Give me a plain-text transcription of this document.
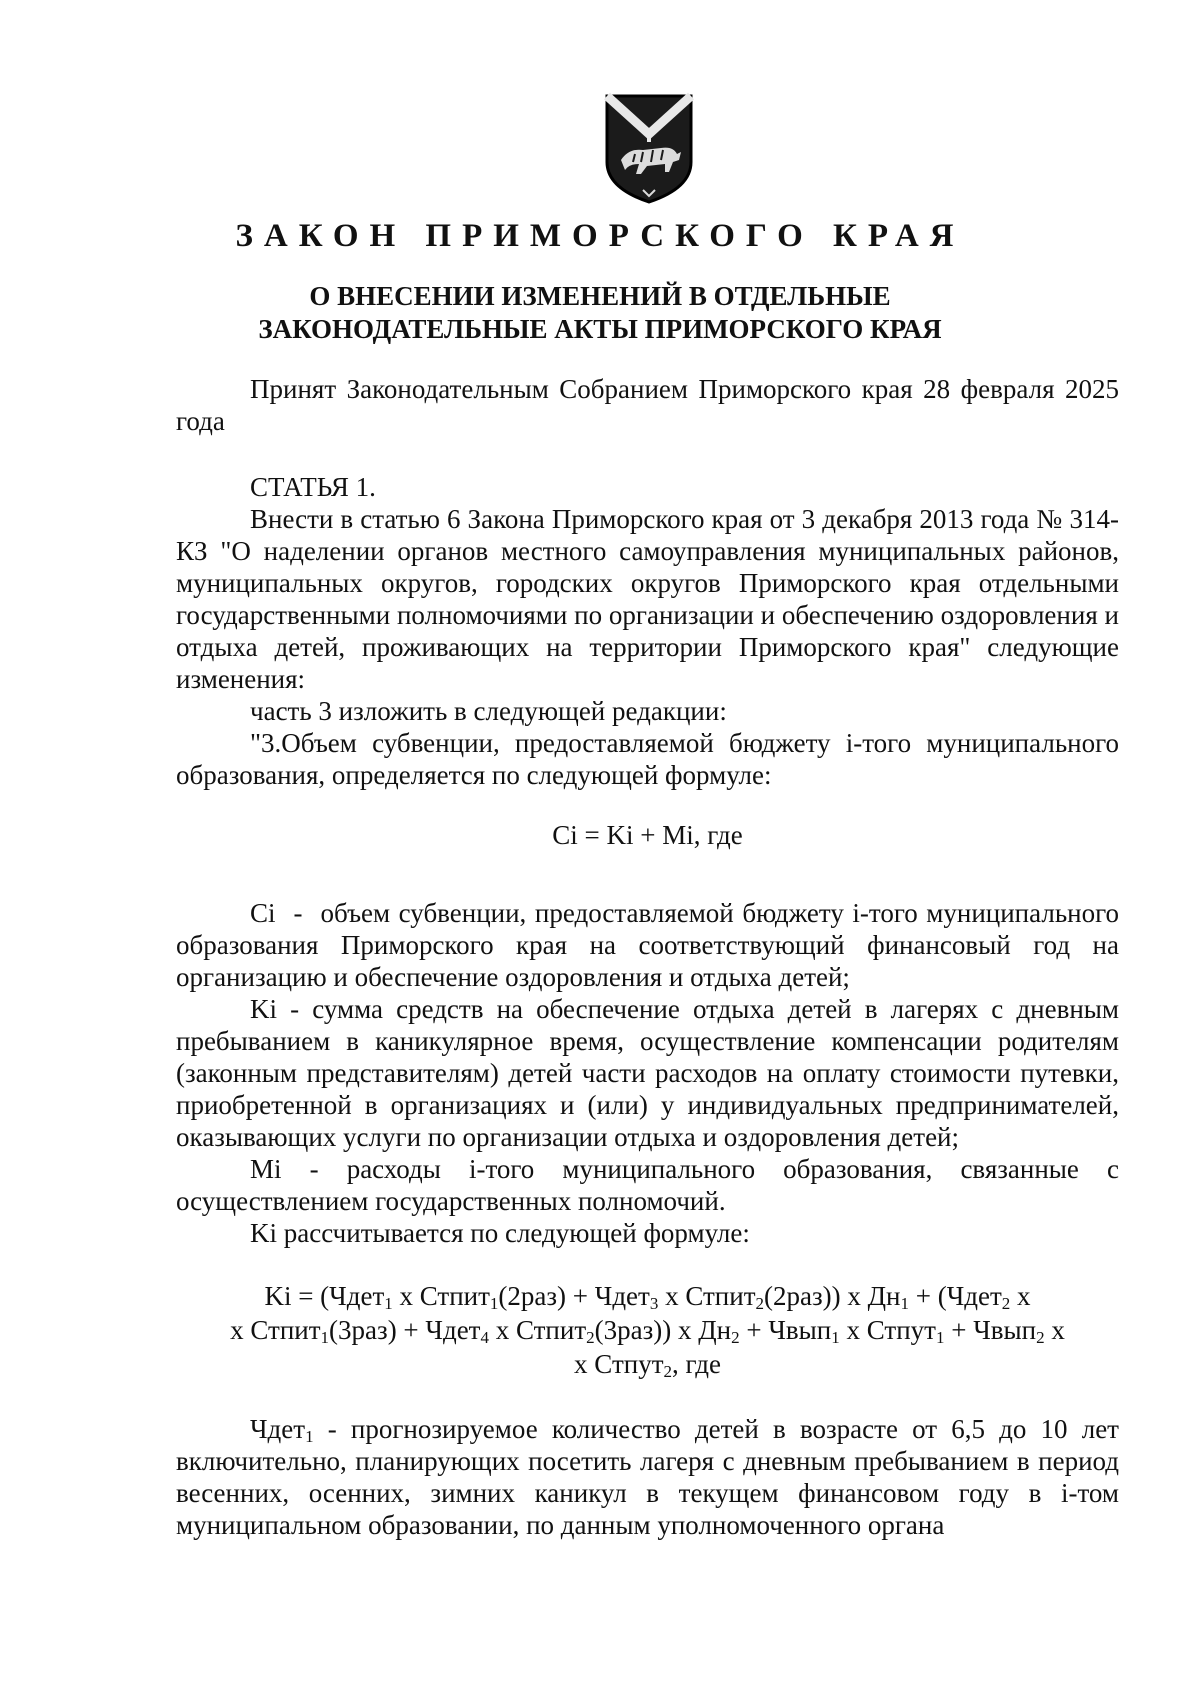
ЗАКОН ПРИМОРСКОГО КРАЯ
О ВНЕСЕНИИ ИЗМЕНЕНИЙ В ОТДЕЛЬНЫЕ
ЗАКОНОДАТЕЛЬНЫЕ АКТЫ ПРИМОРСКОГО КРАЯ

Принят Законодательным Собранием Приморского края 28 февраля 2025 года

СТАТЬЯ 1.

Внести в статью 6 Закона Приморского края от 3 декабря 2013 года № 314-КЗ "О наделении органов местного самоуправления муниципальных районов, муниципальных округов, городских округов Приморского края отдельными государственными полномочиями по организации и обеспечению оздоровления и отдыха детей, проживающих на территории Приморского края" следующие изменения:

часть 3 изложить в следующей редакции:

"3.Объем субвенции, предоставляемой бюджету i-того муниципального образования, определяется по следующей формуле:

Ci = Ki + Mi, где

Ci - объем субвенции, предоставляемой бюджету i-того муниципального образования Приморского края на соответствующий финансовый год на организацию и обеспечение оздоровления и отдыха детей;

Ki - сумма средств на обеспечение отдыха детей в лагерях с дневным пребыванием в каникулярное время, осуществление компенсации родителям (законным представителям) детей части расходов на оплату стоимости путевки, приобретенной в организациях и (или) у индивидуальных предпринимателей, оказывающих услуги по организации отдыха и оздоровления детей;

Mi - расходы i-того муниципального образования, связанные с осуществлением государственных полномочий.

Ki рассчитывается по следующей формуле:

Ki = (Чдет$_1$ x Стпит$_1$(2раз) + Чдет$_3$ x Стпит$_2$(2раз)) x $Дн_1$ + (Чдет$_2$ x
x Стпит$_1$(3раз) + Чдет$_4$ x Стпит$_2$(3раз)) x $Дн_2$ + Чвып$_1$ x Стпут$_1$ + Чвып$_2$ x
x Стпут$_2$, где

Чдет$_1$ - прогнозируемое количество детей в возрасте от 6,5 до 10 лет включительно, планирующих посетить лагеря с дневным пребыванием в период весенних, осенних, зимних каникул в текущем финансовом году в i-том муниципальном образовании, по данным уполномоченного органа
